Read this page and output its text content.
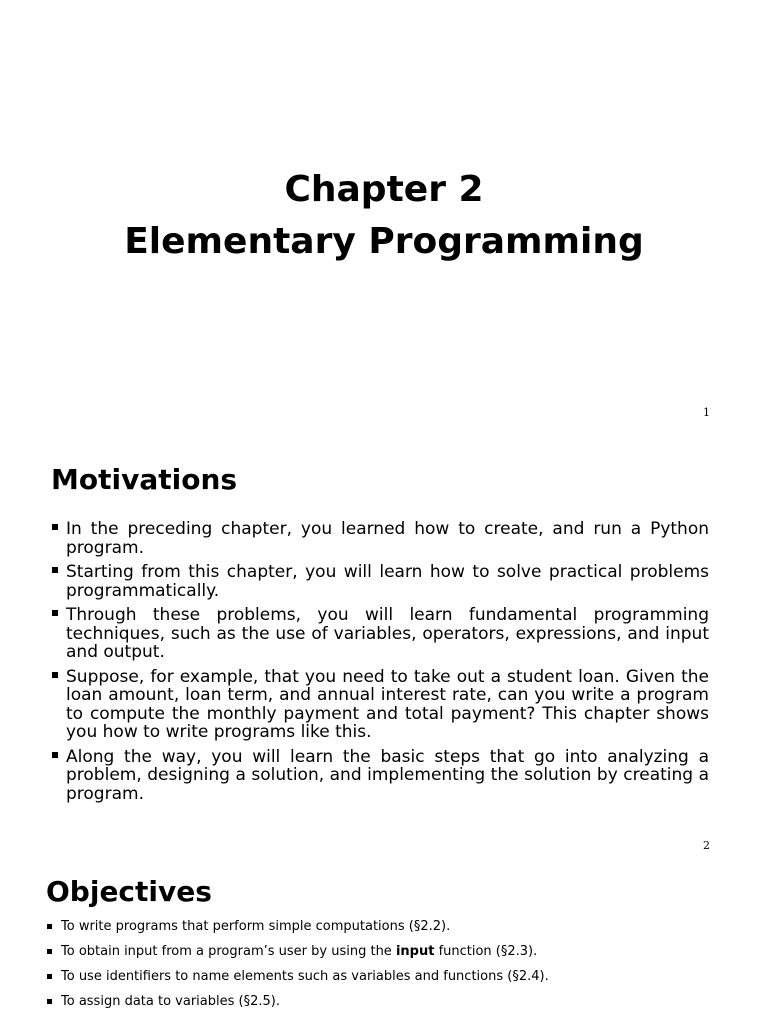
Chapter 2
Elementary Programming
1
Motivations
In the preceding chapter, you learned how to create, and run a Python program.
Starting from this chapter, you will learn how to solve practical problems programmatically.
Through these problems, you will learn fundamental programming techniques, such as the use of variables, operators, expressions, and input and output.
Suppose, for example, that you need to take out a student loan. Given the loan amount, loan term, and annual interest rate, can you write a program to compute the monthly payment and total payment? This chapter shows you how to write programs like this.
Along the way, you will learn the basic steps that go into analyzing a problem, designing a solution, and implementing the solution by creating a program.
2
Objectives
To write programs that perform simple computations (§2.2).
To obtain input from a program’s user by using the input function (§2.3).
To use identifiers to name elements such as variables and functions (§2.4).
To assign data to variables (§2.5).
